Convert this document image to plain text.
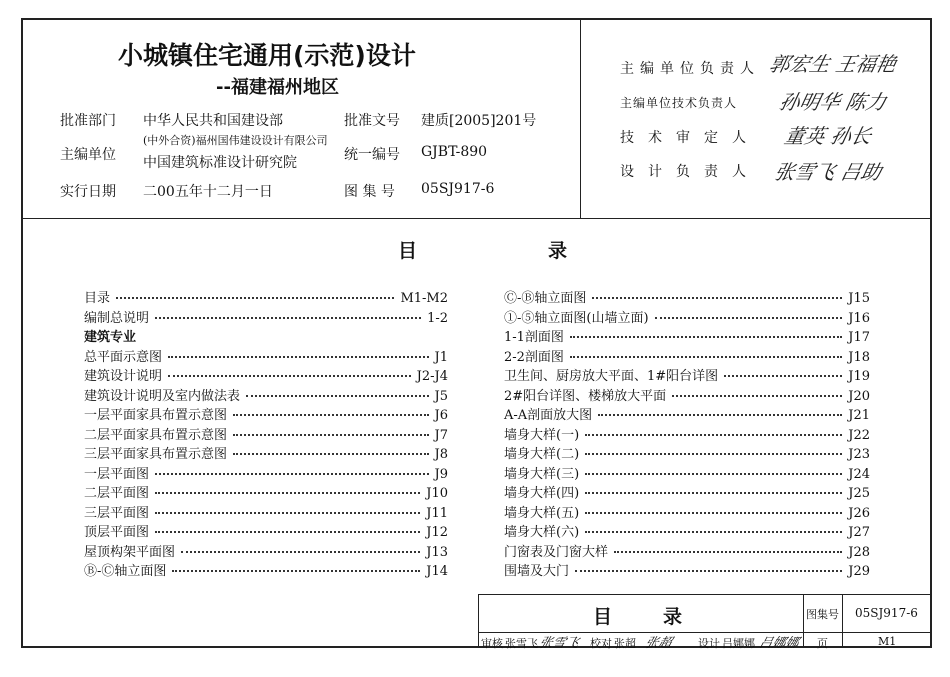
小城镇住宅通用(示范)设计
--福建福州地区
批准部门 中华人民共和国建设部
主编单位
(中外合资)福州国伟建设设计有限公司
中国建筑标准设计研究院
实行日期 二00五年十二月一日
批准文号 建质[2005]201号
统一编号 GJBT-890
图 集 号 05SJ917-6
主编单位负责人 郭宏生 王福艳
主编单位技术负责人 孙明华 陈力
技术审定人 董英 孙长
设计负责人 张雪飞 吕助
目	录
目录	M1-M2
编制总说明	1-2
建筑专业
总平面示意图	J1
建筑设计说明	J2-J4
建筑设计说明及室内做法表	J5
一层平面家具布置示意图	J6
二层平面家具布置示意图	J7
三层平面家具布置示意图	J8
一层平面图	J9
二层平面图	J10
三层平面图	J11
顶层平面图	J12
屋顶构架平面图	J13
Ⓑ-Ⓒ轴立面图	J14
Ⓒ-Ⓑ轴立面图	J15
①-⑤轴立面图(山墙立面)	J16
1-1剖面图	J17
2-2剖面图	J18
卫生间、厨房放大平面、1#阳台详图	J19
2#阳台详图、楼梯放大平面	J20
A-A剖面放大图	J21
墙身大样(一)	J22
墙身大样(二)	J23
墙身大样(三)	J24
墙身大样(四)	J25
墙身大样(五)	J26
墙身大样(六)	J27
门窗表及门窗大样	J28
围墙及大门	J29
目	录	图集号 05SJ917-6
页	M1
审核 张雪飞 张雪飞 校对 张超 张超 设计 吕娜娜 吕娜娜
